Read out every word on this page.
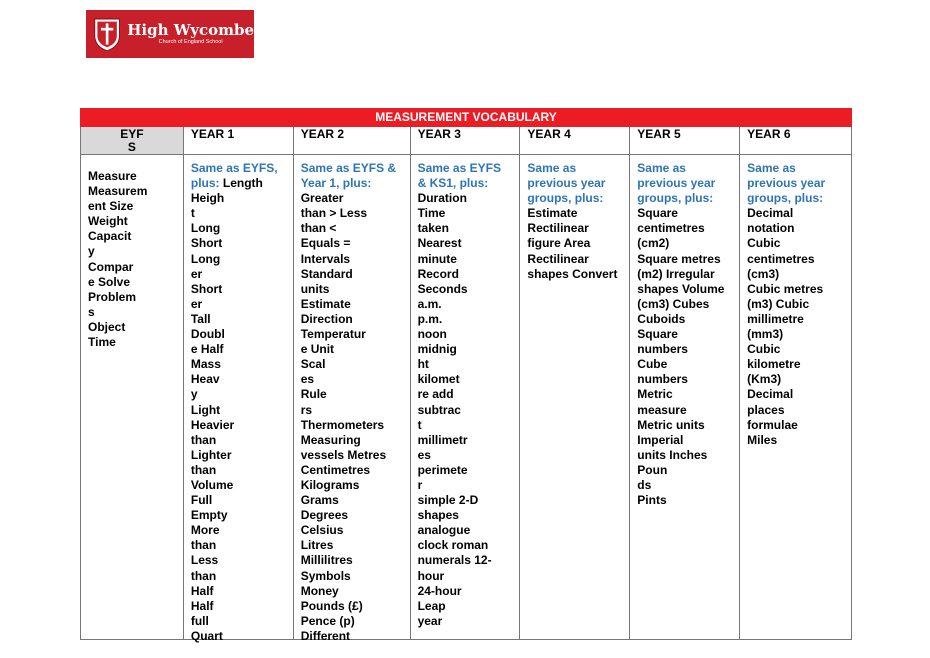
High Wycombe
Church of England School
MEASUREMENT VOCABULARY
EYF
S
Measure
Measurem
ent Size
Weight
Capacit
y
Compar
e Solve
Problem
s
Object
Time
YEAR 1
Same as EYFS,
plus: Length
Heigh
t
Long
Short
Long
er
Short
er
Tall
Doubl
e Half
Mass
Heav
y
Light
Heavier
than
Lighter
than
Volume
Full
Empty
More
than
Less
than
Half
Half
full
Quart
YEAR 2
Same as EYFS &
Year 1, plus:
Greater
than > Less
than <
Equals =
Intervals
Standard
units
Estimate
Direction
Temperatur
e Unit
Scal
es
Rule
rs
Thermometers
Measuring
vessels Metres
Centimetres
Kilograms
Grams
Degrees
Celsius
Litres
Millilitres
Symbols
Money
Pounds (£)
Pence (p)
Different
YEAR 3
Same as EYFS
& KS1, plus:
Duration
Time
taken
Nearest
minute
Record
Seconds
a.m.
p.m.
noon
midnig
ht
kilomet
re add
subtrac
t
millimetr
es
perimete
r
simple 2-D
shapes
analogue
clock roman
numerals 12-
hour
24-hour
Leap
year
YEAR 4
Same as
previous year
groups, plus:
Estimate
Rectilinear
figure Area
Rectilinear
shapes Convert
YEAR 5
Same as
previous year
groups, plus:
Square
centimetres
(cm2)
Square metres
(m2) Irregular
shapes Volume
(cm3) Cubes
Cuboids
Square
numbers
Cube
numbers
Metric
measure
Metric units
Imperial
units Inches
Poun
ds
Pints
YEAR 6
Same as
previous year
groups, plus:
Decimal
notation
Cubic
centimetres
(cm3)
Cubic metres
(m3) Cubic
millimetre
(mm3)
Cubic
kilometre
(Km3)
Decimal
places
formulae
Miles
